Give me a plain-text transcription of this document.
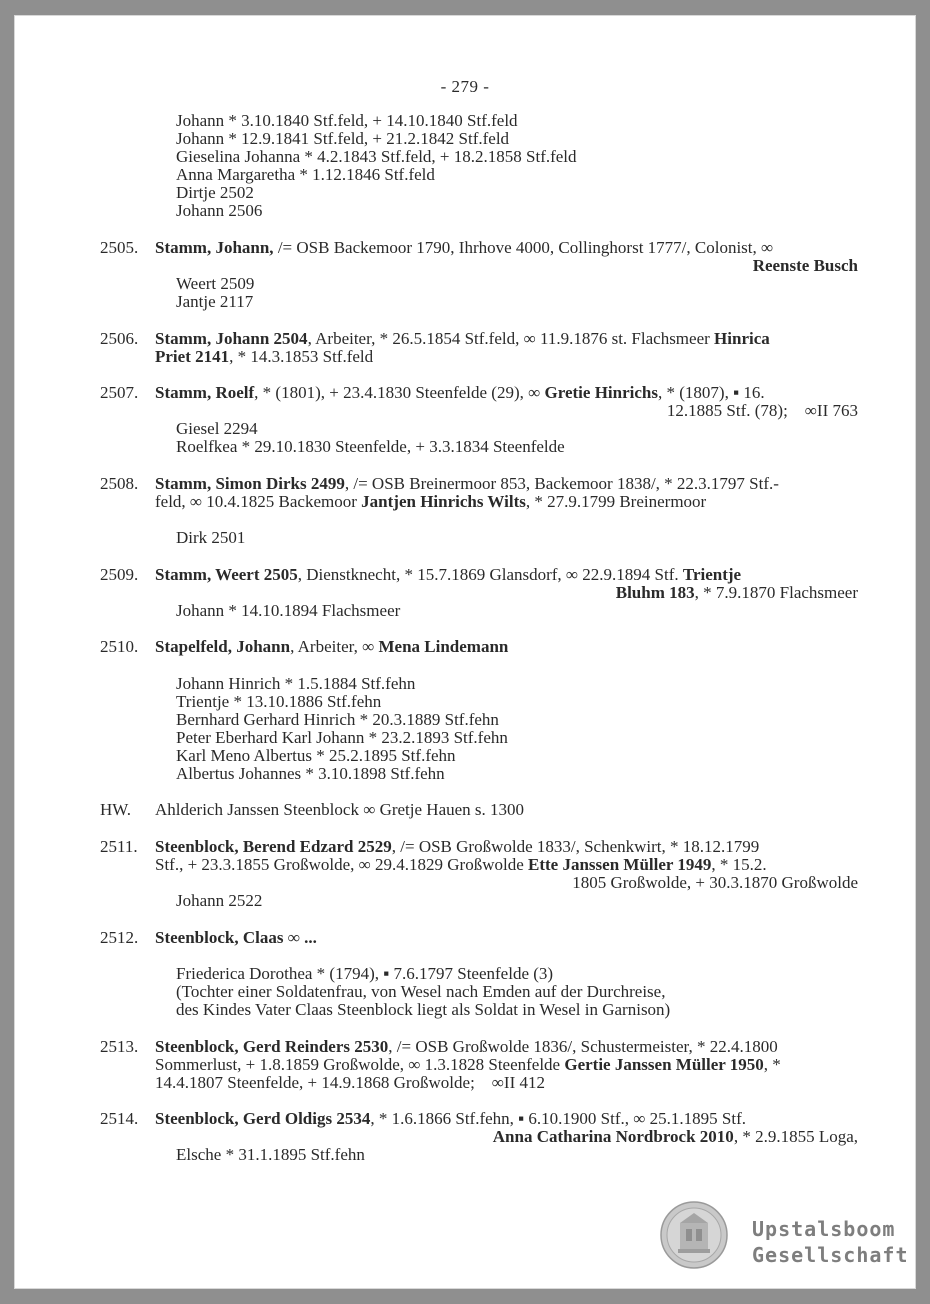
- 279 -
Johann * 3.10.1840 Stf.feld, + 14.10.1840 Stf.feld
Johann * 12.9.1841 Stf.feld, + 21.2.1842 Stf.feld
Gieselina Johanna * 4.2.1843 Stf.feld, + 18.2.1858 Stf.feld
Anna Margaretha * 1.12.1846 Stf.feld
Dirtje 2502
Johann 2506
2505. Stamm, Johann, /= OSB Backemoor 1790, Ihrhove 4000, Collinghorst 1777/, Colonist, ∞
Reenste Busch
Weert 2509
Jantje 2117
2506. Stamm, Johann 2504, Arbeiter, * 26.5.1854 Stf.feld, ∞ 11.9.1876 st. Flachsmeer Hinrica
Priet 2141, * 14.3.1853 Stf.feld
2507. Stamm, Roelf, * (1801), + 23.4.1830 Steenfelde (29), ∞ Gretie Hinrichs, * (1807), ▪ 16.
12.1885 Stf. (78);    ∞II 763
Giesel 2294
Roelfkea * 29.10.1830 Steenfelde, + 3.3.1834 Steenfelde
2508. Stamm, Simon Dirks 2499, /= OSB Breinermoor 853, Backemoor 1838/, * 22.3.1797 Stf.-
feld, ∞ 10.4.1825 Backemoor Jantjen Hinrichs Wilts, * 27.9.1799 Breinermoor
Dirk 2501
2509. Stamm, Weert 2505, Dienstknecht, * 15.7.1869 Glansdorf, ∞ 22.9.1894 Stf. Trientje
Bluhm 183, * 7.9.1870 Flachsmeer
Johann * 14.10.1894 Flachsmeer
2510. Stapelfeld, Johann, Arbeiter, ∞ Mena Lindemann
Johann Hinrich * 1.5.1884 Stf.fehn
Trientje * 13.10.1886 Stf.fehn
Bernhard Gerhard Hinrich * 20.3.1889 Stf.fehn
Peter Eberhard Karl Johann * 23.2.1893 Stf.fehn
Karl Meno Albertus * 25.2.1895 Stf.fehn
Albertus Johannes * 3.10.1898 Stf.fehn
HW. Ahlderich Janssen Steenblock ∞ Gretje Hauen s. 1300
2511. Steenblock, Berend Edzard 2529, /= OSB Großwolde 1833/, Schenkwirt, * 18.12.1799
Stf., + 23.3.1855 Großwolde, ∞ 29.4.1829 Großwolde Ette Janssen Müller 1949, * 15.2.
1805 Großwolde, + 30.3.1870 Großwolde
Johann 2522
2512. Steenblock, Claas ∞ ...
Friederica Dorothea * (1794), ▪ 7.6.1797 Steenfelde (3)
(Tochter einer Soldatenfrau, von Wesel nach Emden auf der Durchreise,
des Kindes Vater Claas Steenblock liegt als Soldat in Wesel in Garnison)
2513. Steenblock, Gerd Reinders 2530, /= OSB Großwolde 1836/, Schustermeister, * 22.4.1800
Sommerlust, + 1.8.1859 Großwolde, ∞ 1.3.1828 Steenfelde Gertie Janssen Müller 1950, *
14.4.1807 Steenfelde, + 14.9.1868 Großwolde;    ∞II 412
2514. Steenblock, Gerd Oldigs 2534, * 1.6.1866 Stf.fehn, ▪ 6.10.1900 Stf., ∞ 25.1.1895 Stf.
Anna Catharina Nordbrock 2010, * 2.9.1855 Loga,
Elsche * 31.1.1895 Stf.fehn
Upstalsboom
Gesellschaft
